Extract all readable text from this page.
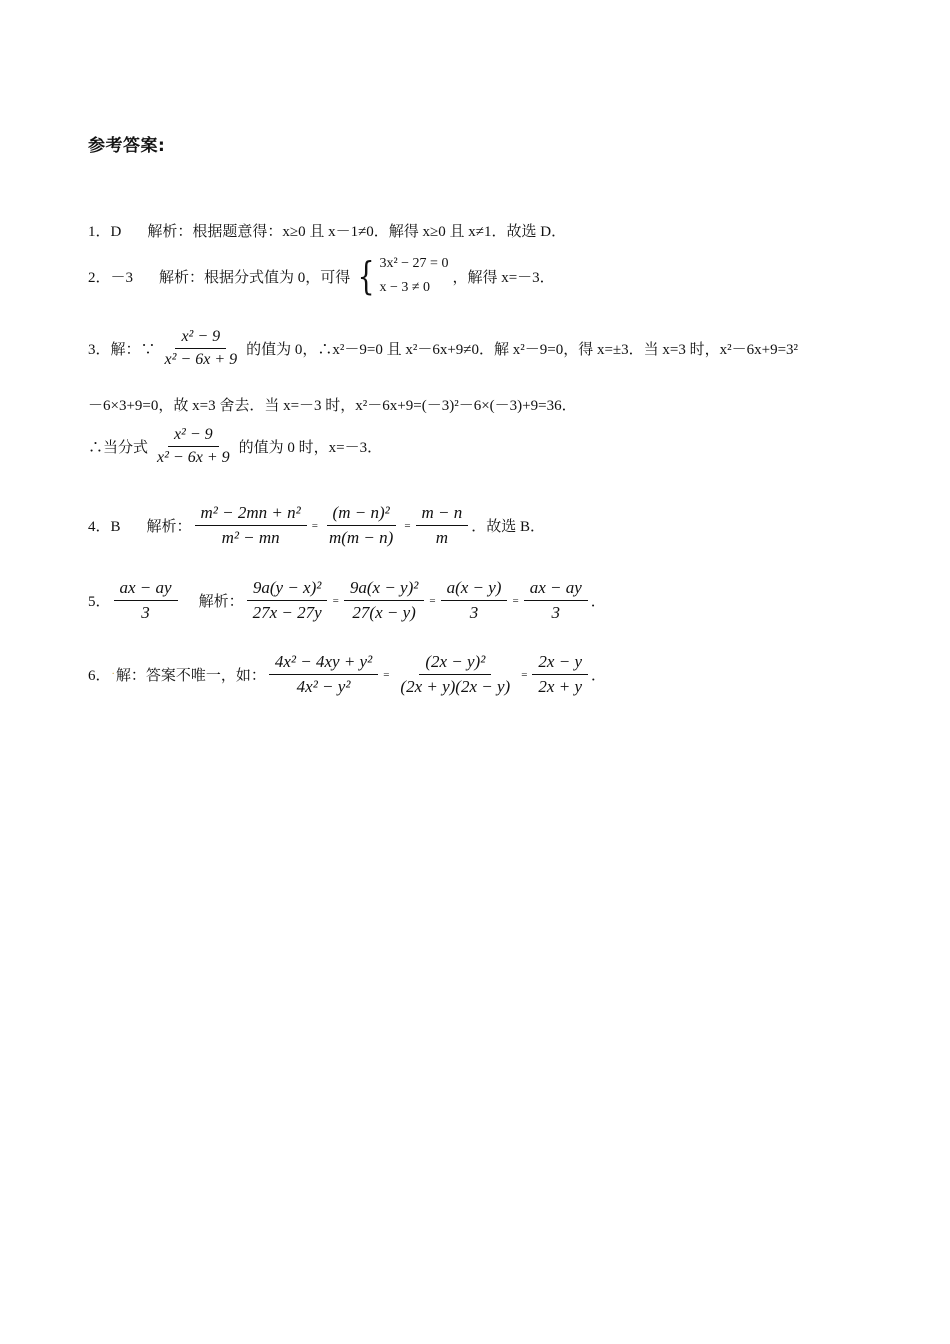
参考答案:
1．D 解析：根据题意得：x≥0 且 x－1≠0．解得 x≥0 且 x≠1．故选 D．
2．－3 解析：根据分式值为 0，可得 { 3x² − 27 = 0
x − 3 ≠ 0
，解得 x=－3．
3．解：∵ $\frac{\text{x² − 9}}{\text{x² − 6x + 9}}$ 的值为 0，∴x²－9=0 且 x²－6x+9≠0．解 x²－9=0，得 x=±3．当 x=3 时，x²－6x+9=3²
－6×3+9=0，故 x=3 舍去．当 x=－3 时，x²－6x+9=(－3)²－6×(－3)+9=36．
∴当分式 $\frac{\text{x² − 9}}{\text{x² − 6x + 9}}$ 的值为 0 时，x=－3．
4．B 解析： $\frac{\text{m² − 2mn + n²}}{\text{m² − mn}} = \frac{\text{(m − n)²}}{m(m - n)} = \frac{m - n}{m}$ ．故选 B．
5． $\frac{ax - ay}{3}$ 解析： $\frac{\text{9a(y − x)²}}{27x - 27y} = \frac{\text{9a(x − y)²}}{27(x - y)} = \frac{a(x - y)}{3} = \frac{ax - ay}{3}$ ．
6． · 解：答案不唯一，如： $\frac{\text{4x² − 4xy + y²}}{\text{4x² − y²}} = \frac{\text{(2x − y)²}}{(2x + y)(2x - y)} = \frac{2x - y}{2x + y}$ ．
